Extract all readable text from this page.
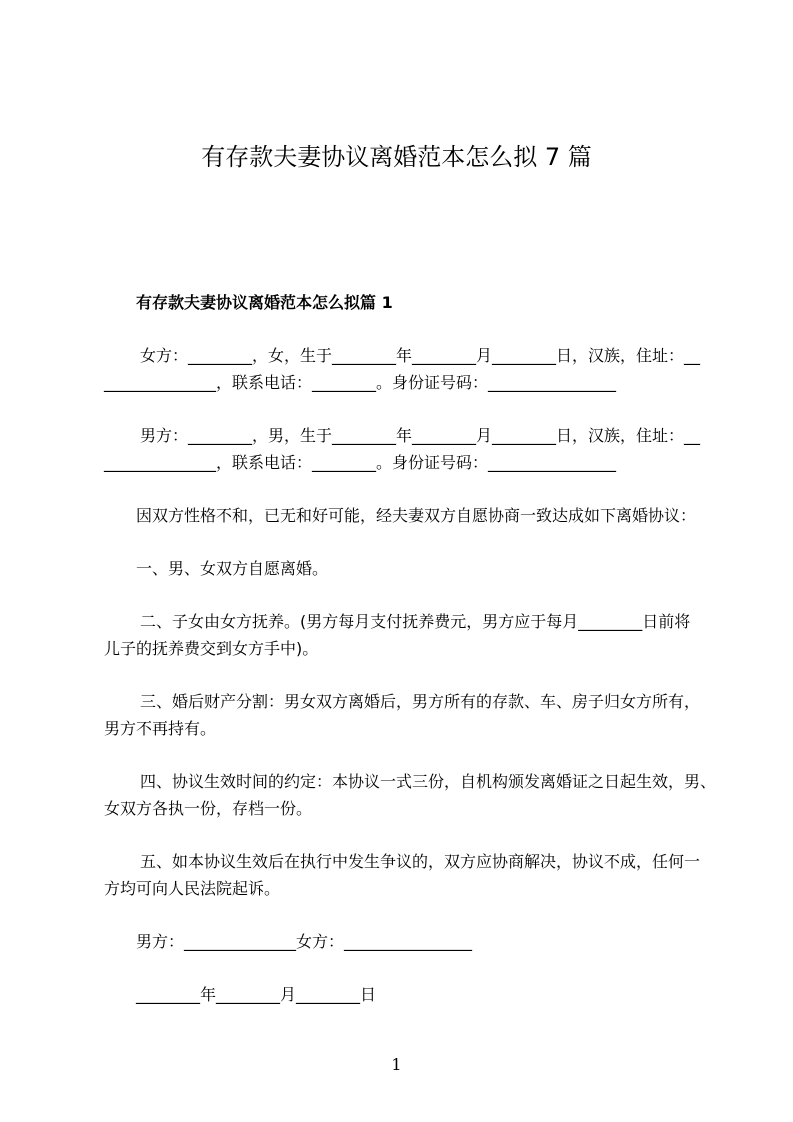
有存款夫妻协议离婚范本怎么拟 7 篇
有存款夫妻协议离婚范本怎么拟篇 1
女方：________，女，生于________年________月________日，汉族，住址：__
______________，联系电话：________。身份证号码：________________
男方：________，男，生于________年________月________日，汉族，住址：__
______________，联系电话：________。身份证号码：________________
因双方性格不和，已无和好可能，经夫妻双方自愿协商一致达成如下离婚协议：
一、男、女双方自愿离婚。
二、子女由女方抚养。(男方每月支付抚养费元，男方应于每月________日前将
儿子的抚养费交到女方手中)。
三、婚后财产分割：男女双方离婚后，男方所有的存款、车、房子归女方所有，
男方不再持有。
四、协议生效时间的约定：本协议一式三份，自机构颁发离婚证之日起生效，男、
女双方各执一份，存档一份。
五、如本协议生效后在执行中发生争议的，双方应协商解决，协议不成，任何一
方均可向人民法院起诉。
男方：______________女方：________________
________年________月________日
1
